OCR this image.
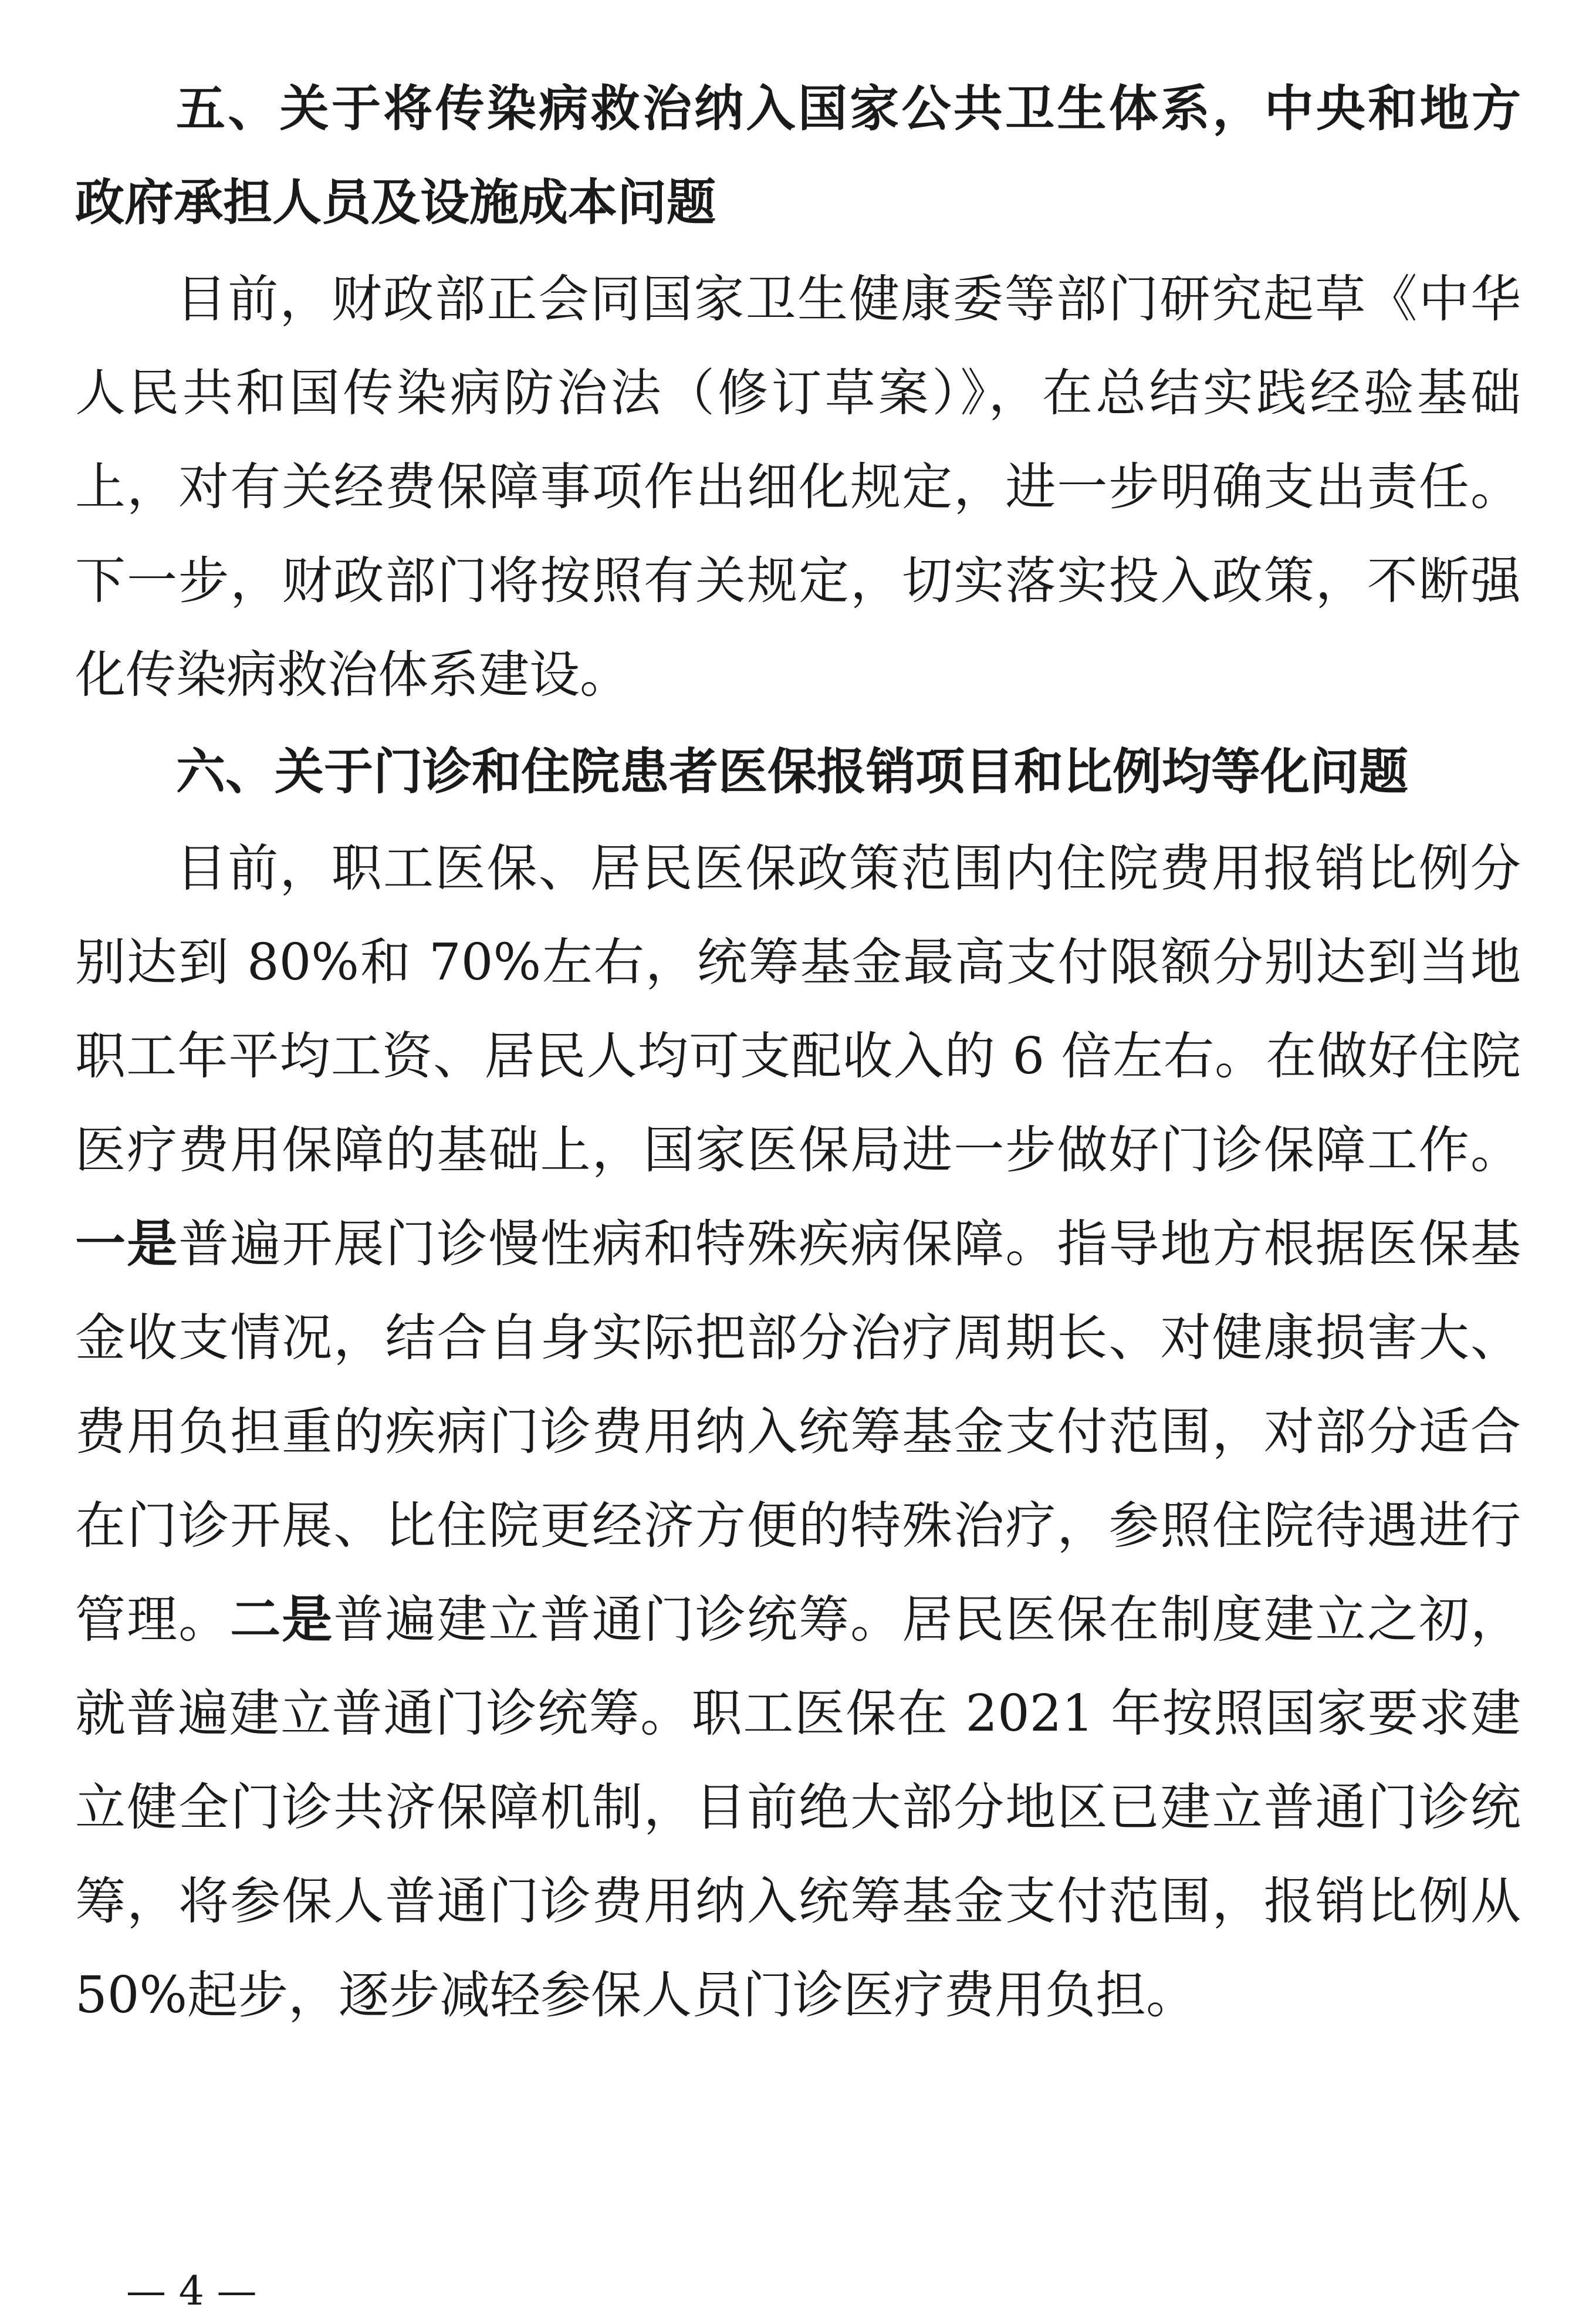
五、关于将传染病救治纳入国家公共卫生体系，中央和地方
政府承担人员及设施成本问题
目前，财政部正会同国家卫生健康委等部门研究起草《中华
人民共和国传染病防治法（修订草案）》，在总结实践经验基础
上，对有关经费保障事项作出细化规定，进一步明确支出责任。
下一步，财政部门将按照有关规定，切实落实投入政策，不断强
化传染病救治体系建设。
六、关于门诊和住院患者医保报销项目和比例均等化问题
目前，职工医保、居民医保政策范围内住院费用报销比例分
别达到 80%和 70%左右，统筹基金最高支付限额分别达到当地
职工年平均工资、居民人均可支配收入的 6 倍左右。在做好住院
医疗费用保障的基础上，国家医保局进一步做好门诊保障工作。
一是普遍开展门诊慢性病和特殊疾病保障。指导地方根据医保基
金收支情况，结合自身实际把部分治疗周期长、对健康损害大、
费用负担重的疾病门诊费用纳入统筹基金支付范围，对部分适合
在门诊开展、比住院更经济方便的特殊治疗，参照住院待遇进行
管理。二是普遍建立普通门诊统筹。居民医保在制度建立之初，
就普遍建立普通门诊统筹。职工医保在 2021 年按照国家要求建
立健全门诊共济保障机制，目前绝大部分地区已建立普通门诊统
筹，将参保人普通门诊费用纳入统筹基金支付范围，报销比例从
50%起步，逐步减轻参保人员门诊医疗费用负担。
— 4 —
